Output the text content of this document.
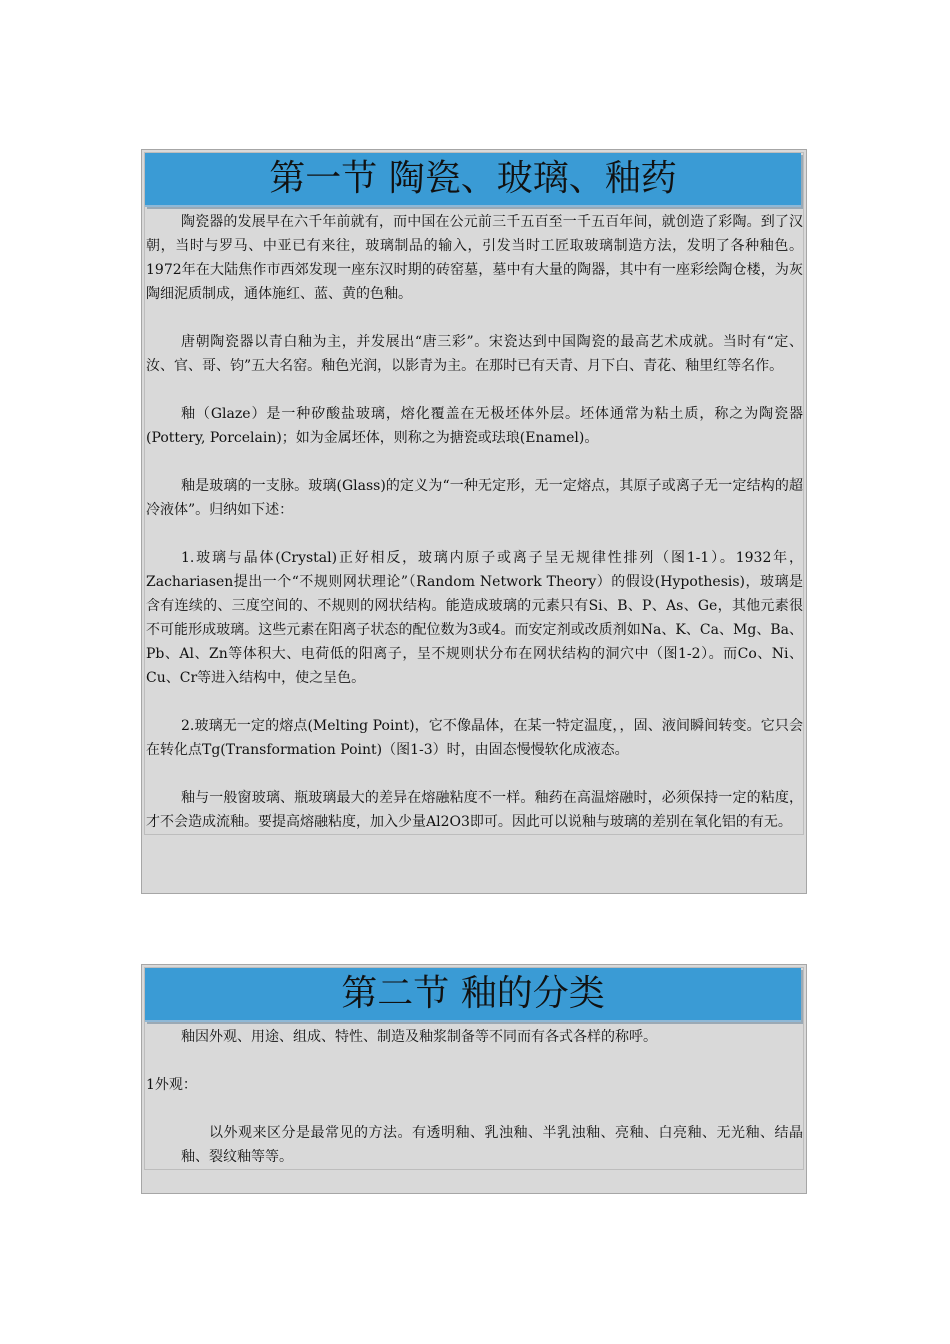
第一节 陶瓷、玻璃、釉药

陶瓷器的发展早在六千年前就有，而中国在公元前三千五百至一千五百年间，就创造了彩陶。到了汉朝，当时与罗马、中亚已有来往，玻璃制品的输入，引发当时工匠取玻璃制造方法，发明了各种釉色。1972年在大陆焦作市西郊发现一座东汉时期的砖窑墓，墓中有大量的陶器，其中有一座彩绘陶仓楼，为灰陶细泥质制成，通体施红、蓝、黄的色釉。

唐朝陶瓷器以青白釉为主，并发展出“唐三彩”。宋瓷达到中国陶瓷的最高艺术成就。当时有“定、汝、官、哥、钧”五大名窑。釉色光润，以影青为主。在那时已有天青、月下白、青花、釉里红等名作。

釉（Glaze）是一种矽酸盐玻璃，熔化覆盖在无极坯体外层。坯体通常为粘土质，称之为陶瓷器(Pottery, Porcelain)；如为金属坯体，则称之为搪瓷或珐琅(Enamel)。

釉是玻璃的一支脉。玻璃(Glass)的定义为“一种无定形，无一定熔点，其原子或离子无一定结构的超冷液体”。归纳如下述：

1.玻璃与晶体(Crystal)正好相反，玻璃内原子或离子呈无规律性排列（图1-1）。1932年，Zachariasen提出一个“不规则网状理论”（Random Network Theory）的假设(Hypothesis)，玻璃是含有连续的、三度空间的、不规则的网状结构。能造成玻璃的元素只有Si、B、P、As、Ge，其他元素很不可能形成玻璃。这些元素在阳离子状态的配位数为3或4。而安定剂或改质剂如Na、K、Ca、Mg、Ba、Pb、Al、Zn等体积大、电荷低的阳离子，呈不规则状分布在网状结构的洞穴中（图1-2）。而Co、Ni、Cu、Cr等进入结构中，使之呈色。

2.玻璃无一定的熔点(Melting Point)，它不像晶体，在某一特定温度，，固、液间瞬间转变。它只会在转化点Tg(Transformation Point)（图1-3）时，由固态慢慢软化成液态。

釉与一般窗玻璃、瓶玻璃最大的差异在熔融粘度不一样。釉药在高温熔融时，必须保持一定的粘度，才不会造成流釉。要提高熔融粘度，加入少量Al2O3即可。因此可以说釉与玻璃的差别在氧化铝的有无。

第二节 釉的分类

釉因外观、用途、组成、特性、制造及釉浆制备等不同而有各式各样的称呼。

1外观：

以外观来区分是最常见的方法。有透明釉、乳浊釉、半乳浊釉、亮釉、白亮釉、无光釉、结晶釉、裂纹釉等等。
